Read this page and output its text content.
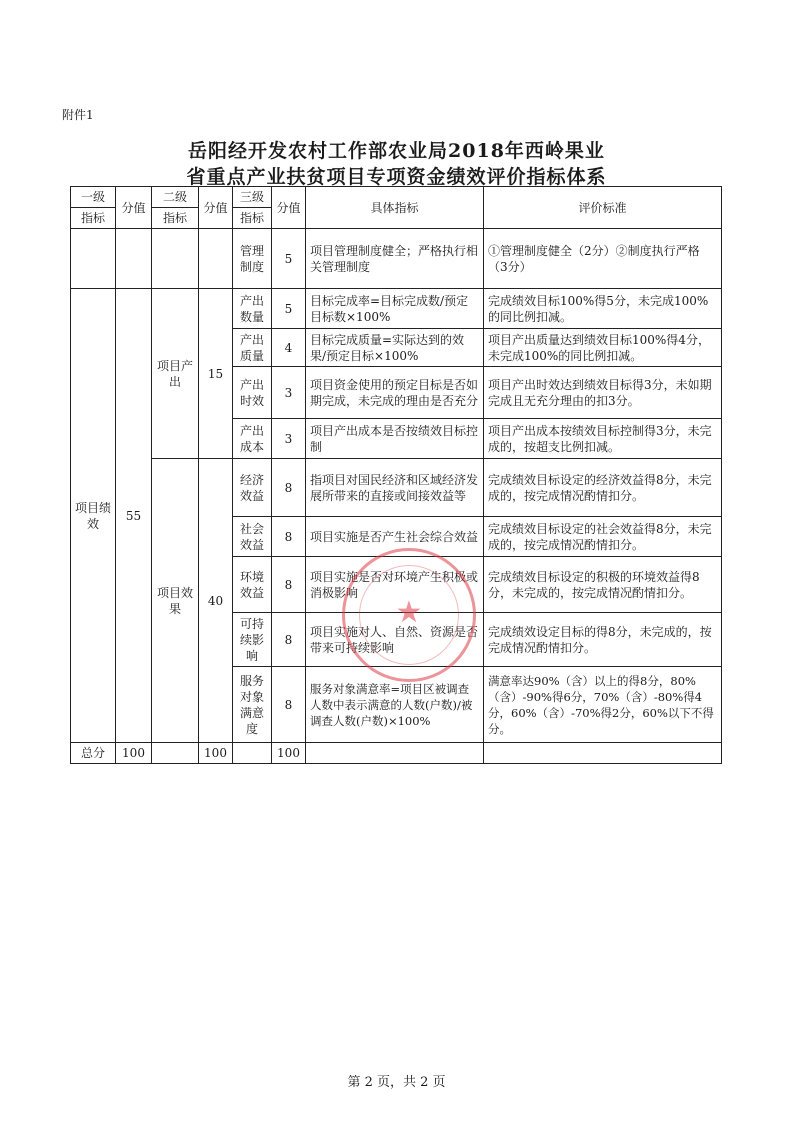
附件1
岳阳经开发农村工作部农业局2018年西岭果业
省重点产业扶贫项目专项资金绩效评价指标体系
一级	分值	二级	分值	三级	分值	具体指标	评价标准
指标		指标		指标			
				管理制度	5	项目管理制度健全；严格执行相关管理制度	①管理制度健全（2分）②制度执行严格（3分）
项目绩效	55	项目产出	15	产出数量	5	目标完成率=目标完成数/预定目标数×100%	完成绩效目标100%得5分，未完成100%的同比例扣减。
				产出质量	4	目标完成质量=实际达到的效果/预定目标×100%	项目产出质量达到绩效目标100%得4分，未完成100%的同比例扣减。
				产出时效	3	项目资金使用的预定目标是否如期完成，未完成的理由是否充分	项目产出时效达到绩效目标得3分，未如期完成且无充分理由的扣3分。
				产出成本	3	项目产出成本是否按绩效目标控制	项目产出成本按绩效目标控制得3分，未完成的，按超支比例扣减。
		项目效果	40	经济效益	8	指项目对国民经济和区域经济发展所带来的直接或间接效益等	完成绩效目标设定的经济效益得8分，未完成的，按完成情况酌情扣分。
				社会效益	8	项目实施是否产生社会综合效益	完成绩效目标设定的社会效益得8分，未完成的，按完成情况酌情扣分。
				环境效益	8	项目实施是否对环境产生积极或消极影响	完成绩效目标设定的积极的环境效益得8分，未完成的，按完成情况酌情扣分。
				可持续影响	8	项目实施对人、自然、资源是否带来可持续影响	完成绩效设定目标的得8分，未完成的，按完成情况酌情扣分。
				服务对象满意度	8	服务对象满意率=项目区被调查人数中表示满意的人数(户数)/被调查人数(户数)×100%	满意率达90%（含）以上的得8分，80%（含）-90%得6分，70%（含）-80%得4分，60%（含）-70%得2分，60%以下不得分。
总分	100		100		100		
★
第 2 页，共 2 页
